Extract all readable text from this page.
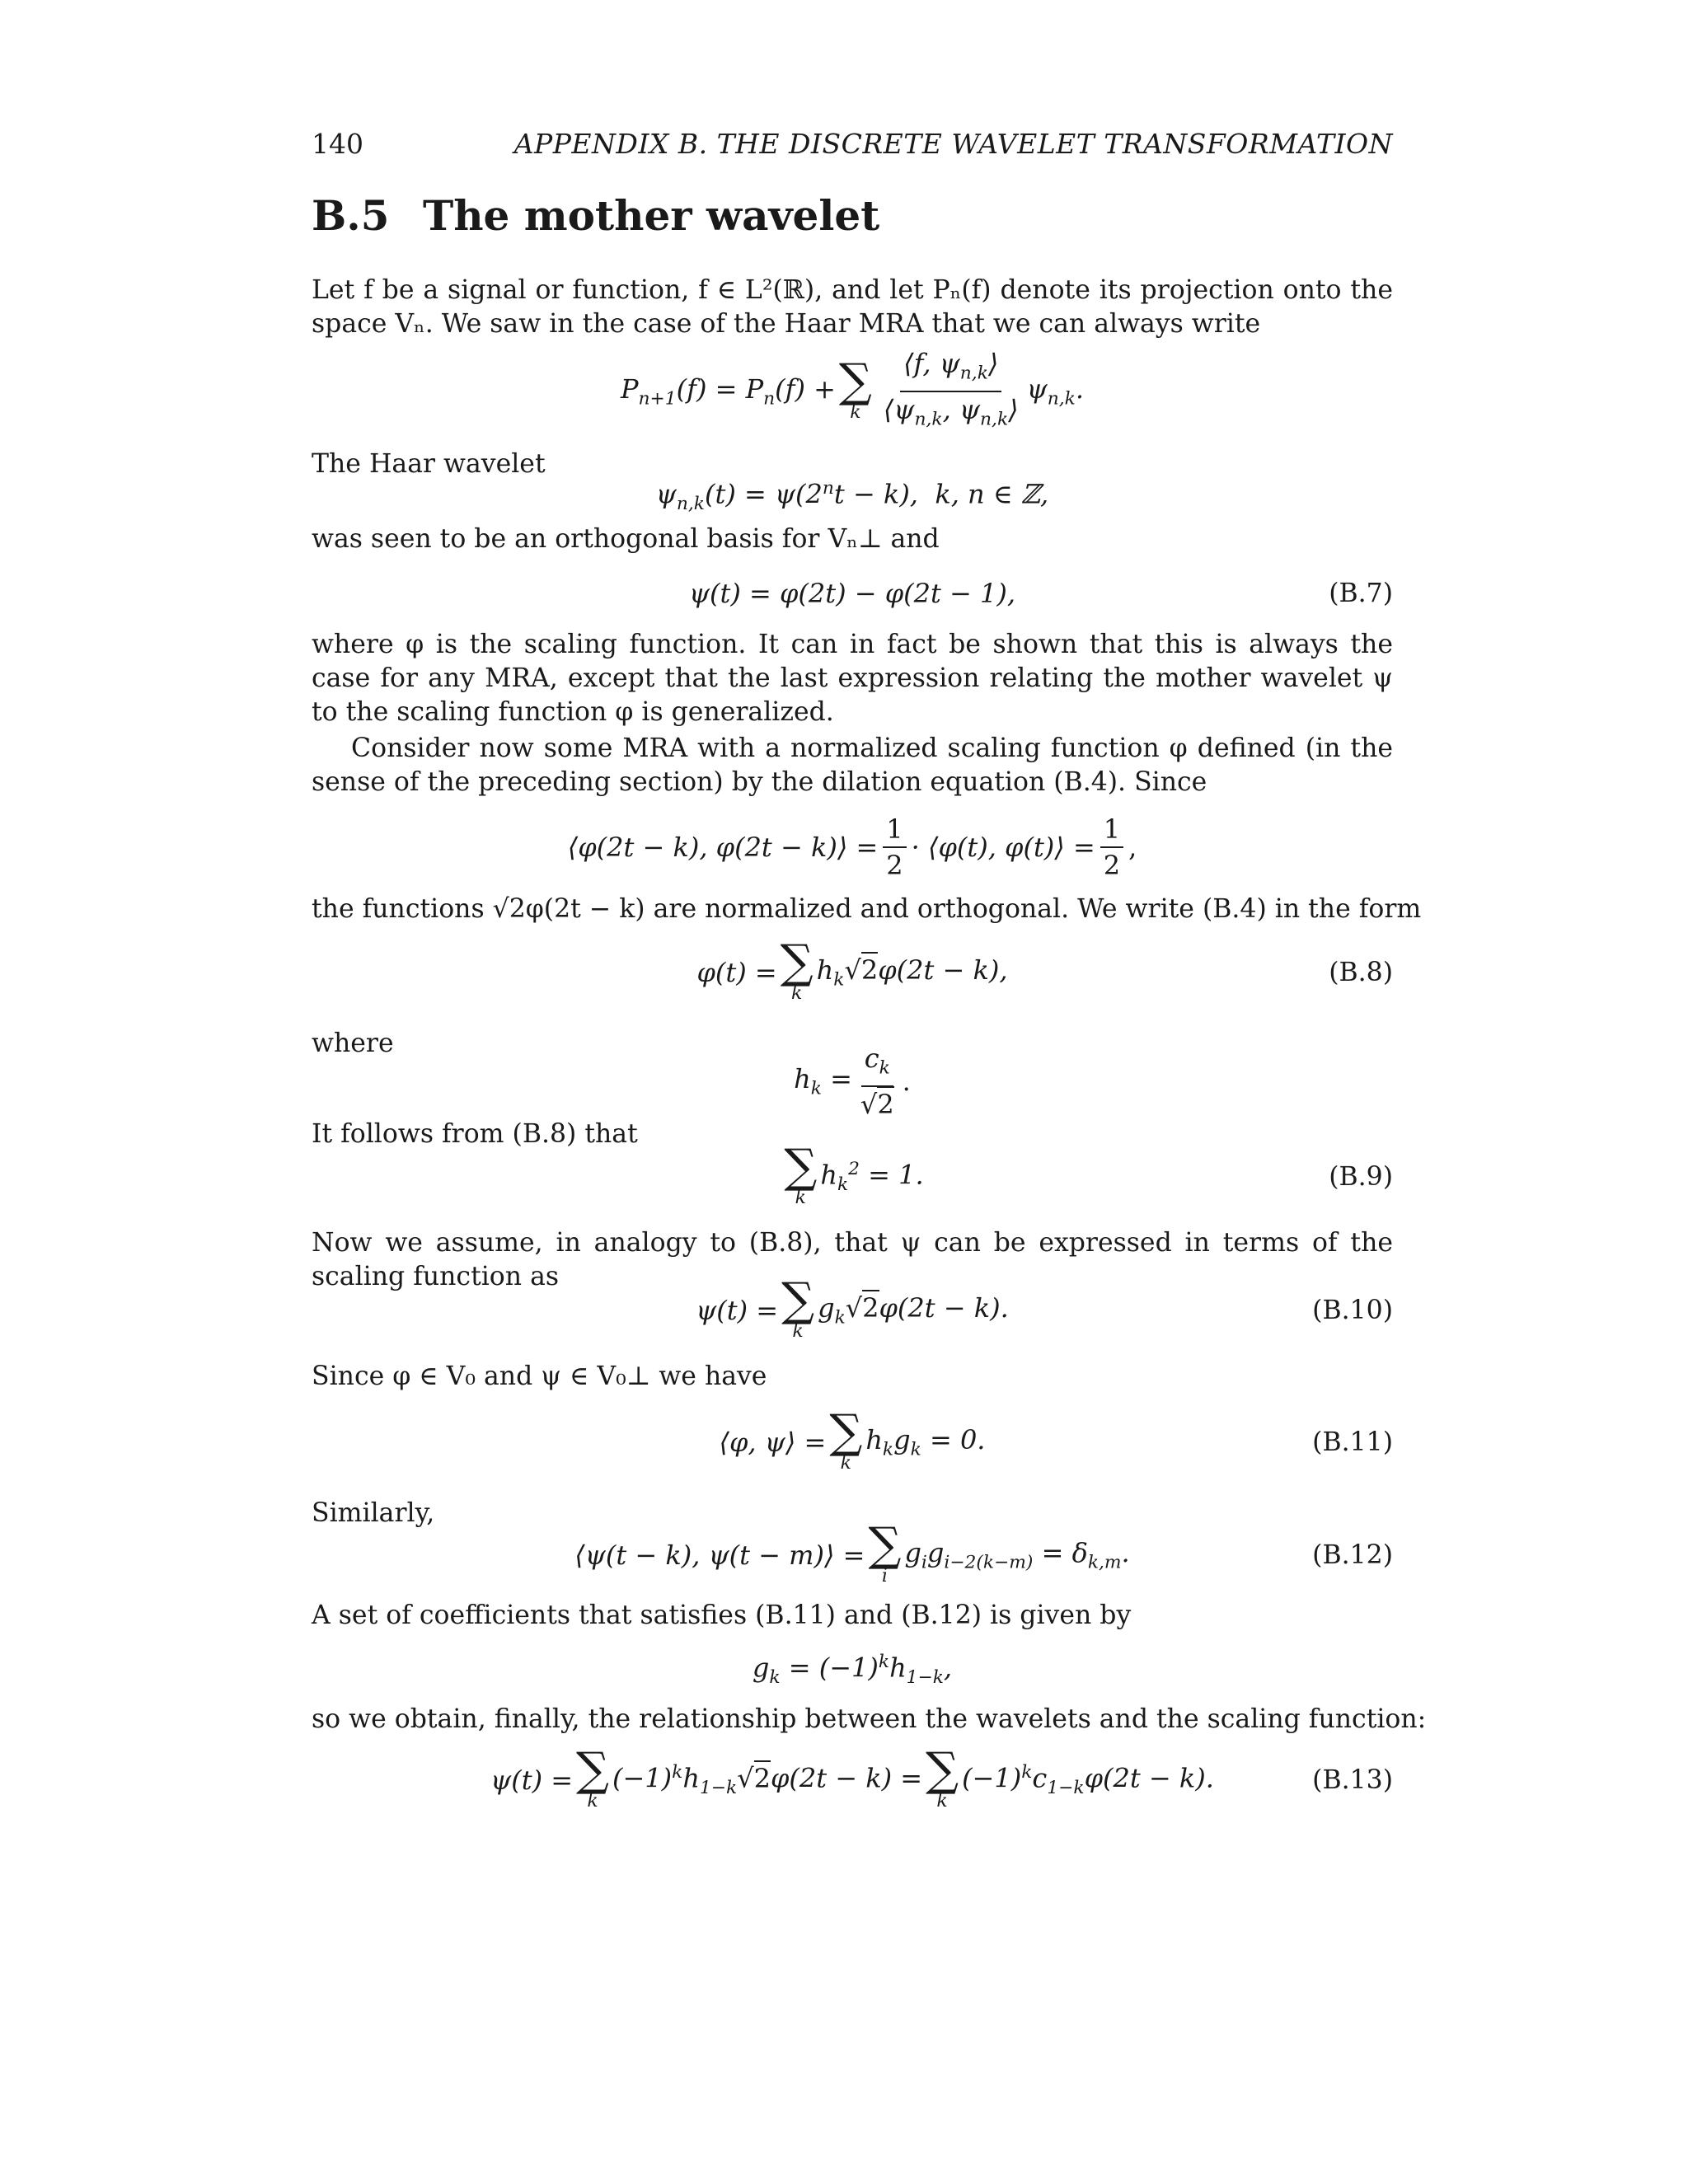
140	APPENDIX B. THE DISCRETE WAVELET TRANSFORMATION
B.5 The mother wavelet
Let f be a signal or function, f ∈ L²(ℝ), and let Pₙ(f) denote its projection onto the space Vₙ. We saw in the case of the Haar MRA that we can always write
$P_{n+1}(f) = P_n(f)$ + ∑
k $\frac{⟨f, \psi_{n,k}⟩}{⟨\psi_{n,k}, \psi_{n,k}⟩} \psi_{n,k}$.
The Haar wavelet
$\psi_{n,k}(t) = \psi(2^nt - k)$,  k, n ∈ ℤ,
was seen to be an orthogonal basis for Vₙ⊥ and
ψ(t) = φ(2t) − φ(2t − 1),	(B.7)
where φ is the scaling function. It can in fact be shown that this is always the case for any MRA, except that the last expression relating the mother wavelet ψ to the scaling function φ is generalized.
Consider now some MRA with a normalized scaling function φ defined (in the sense of the preceding section) by the dilation equation (B.4). Since
⟨φ(2t − k), φ(2t − k)⟩ = $\frac{1}{2}$ · ⟨φ(t), φ(t)⟩ = $\frac{1}{2}$ ,
the functions √2φ(2t − k) are normalized and orthogonal. We write (B.4) in the form
φ(t) = ∑
k
$h_k√2\varphi(2t - k)$,	(B.8)
where
$h_k = \frac{c_k}{√2}$ .
It follows from (B.8) that
∑
k
$h_k^2 = 1$.	(B.9)
Now we assume, in analogy to (B.8), that ψ can be expressed in terms of the scaling function as
ψ(t) = ∑
k
$g_k√2\varphi(2t - k)$.	(B.10)
Since φ ∈ V₀ and ψ ∈ V₀⊥ we have
⟨φ, ψ⟩ = ∑
k
$h_kg_k = 0$.	(B.11)
Similarly,
⟨ψ(t − k), ψ(t − m)⟩ = ∑
i
$g_ig_{i-2(k-m)} = \delta_{k,m}$.	(B.12)
A set of coefficients that satisfies (B.11) and (B.12) is given by
$g_k = (-1)^kh_{1-k}$,
so we obtain, finally, the relationship between the wavelets and the scaling function:
ψ(t) = ∑
k
$(-1)^kh_{1-k}√2\varphi(2t - k)$ = ∑
k
$(-1)^kc_{1-k}\varphi(2t - k)$.	(B.13)
